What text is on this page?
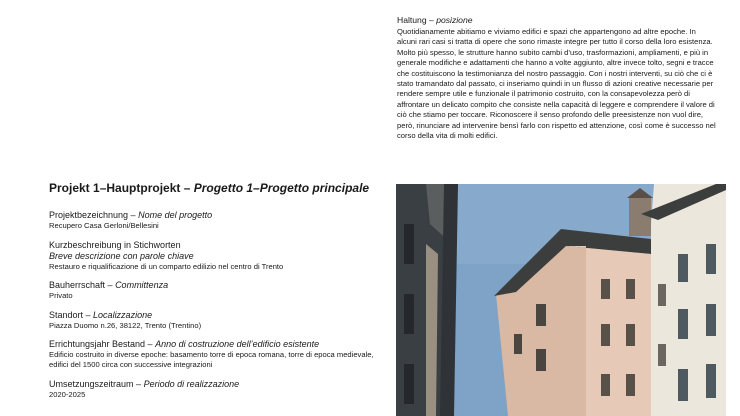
Haltung – posizione

Quotidianamente abitiamo e viviamo edifici e spazi che appartengono ad altre epoche. In alcuni rari casi si tratta di opere che sono rimaste integre per tutto il corso della loro esistenza. Molto più spesso, le strutture hanno subito cambi d’uso, trasformazioni, ampliamenti, e più in generale modifiche e adattamenti che hanno a volte aggiunto, altre invece tolto, segni e tracce che costituiscono la testimonianza del nostro passaggio. Con i nostri interventi, su ciò che ci è stato tramandato dal passato, ci inseriamo quindi in un flusso di azioni creative necessarie per rendere sempre utile e funzionale il patrimonio costruito, con la consapevolezza però di affrontare un delicato compito che consiste nella capacità di leggere e comprendere il valore di ciò che stiamo per toccare. Riconoscere il senso profondo delle preesistenze non vuol dire, però, rinunciare ad intervenire bensì farlo con rispetto ed attenzione, così come è successo nel corso della vita di molti edifici.

Projekt 1–Hauptprojekt – Progetto 1–Progetto principale
Projektbezeichnung – Nome del progetto
Recupero Casa Gerloni/Bellesini
Kurzbeschreibung in Stichworten
Breve descrizione con parole chiave
Restauro e riqualificazione di un comparto edilizio nel centro di Trento
Bauherrschaft – Committenza
Privato
Standort – Localizzazione
Piazza Duomo n.26, 38122, Trento (Trentino)
Errichtungsjahr Bestand – Anno di costruzione dell’edificio esistente
Edificio costruito in diverse epoche: basamento torre di epoca romana, torre di epoca medievale, edifici del 1500 circa con successive integrazioni
Umsetzungszeitraum – Periodo di realizzazione
2020-2025
